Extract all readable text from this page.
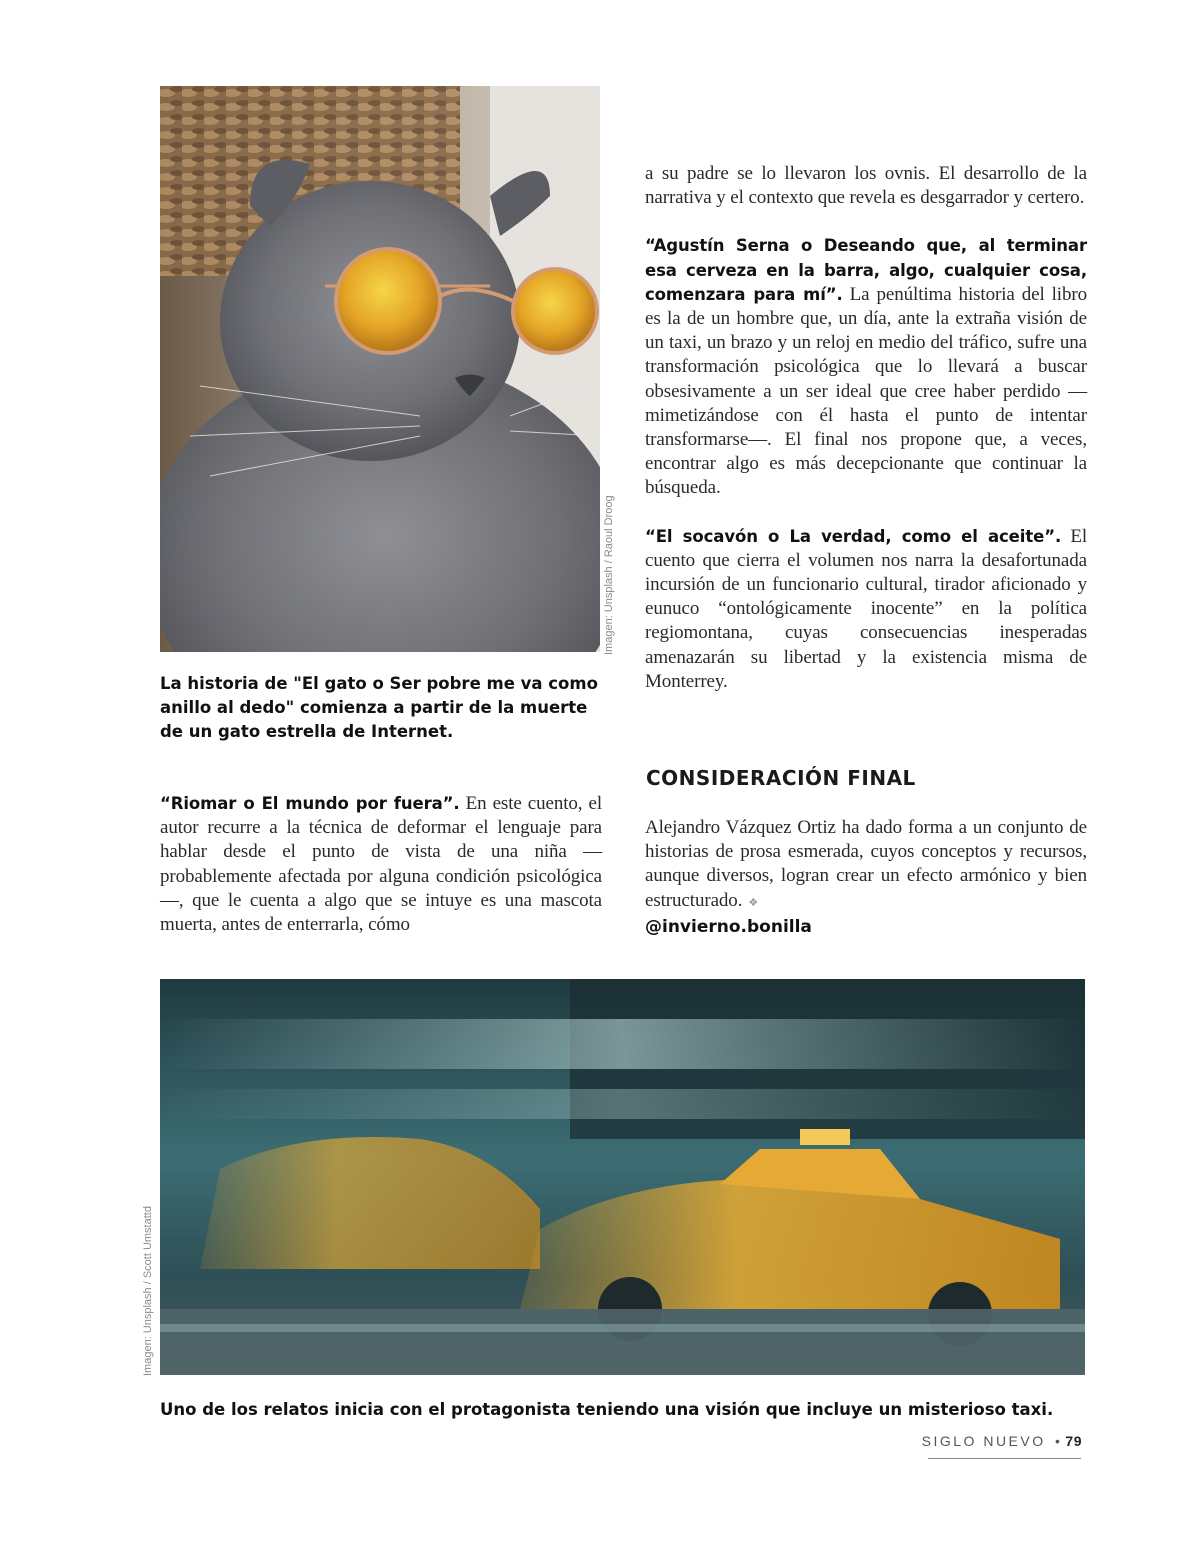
Imagen: Unsplash / Raoul Droog
La historia de "El gato o Ser pobre me va como anillo al dedo" comienza a partir de la muerte de un gato estrella de Internet.

“Riomar o El mundo por fuera”. En este cuento, el autor recurre a la técnica de deformar el lenguaje para hablar desde el punto de vista de una niña —probablemente afectada por alguna condición psicológica—, que le cuenta a algo que se intuye es una mascota muerta, antes de enterrarla, cómo

a su padre se lo llevaron los ovnis. El desarrollo de la narrativa y el contexto que revela es desgarrador y certero.

“Agustín Serna o Deseando que, al terminar esa cerveza en la barra, algo, cualquier cosa, comenzara para mí”. La penúltima historia del libro es la de un hombre que, un día, ante la extraña visión de un taxi, un brazo y un reloj en medio del tráfico, sufre una transformación psicológica que lo llevará a buscar obsesivamente a un ser ideal que cree haber perdido —mimetizándose con él hasta el punto de intentar transformarse—. El final nos propone que, a veces, encontrar algo es más decepcionante que continuar la búsqueda.

“El socavón o La verdad, como el aceite”. El cuento que cierra el volumen nos narra la desafortunada incursión de un funcionario cultural, tirador aficionado y eunuco “ontológicamente inocente” en la política regiomontana, cuyas consecuencias inesperadas amenazarán su libertad y la existencia misma de Monterrey.

CONSIDERACIÓN FINAL

Alejandro Vázquez Ortiz ha dado forma a un conjunto de historias de prosa esmerada, cuyos conceptos y recursos, aunque diversos, logran crear un efecto armónico y bien estructurado. ❖

@invierno.bonilla
Imagen: Unsplash / Scott Umstattd
Uno de los relatos inicia con el protagonista teniendo una visión que incluye un misterioso taxi.
SIGLO NUEVO • 79
